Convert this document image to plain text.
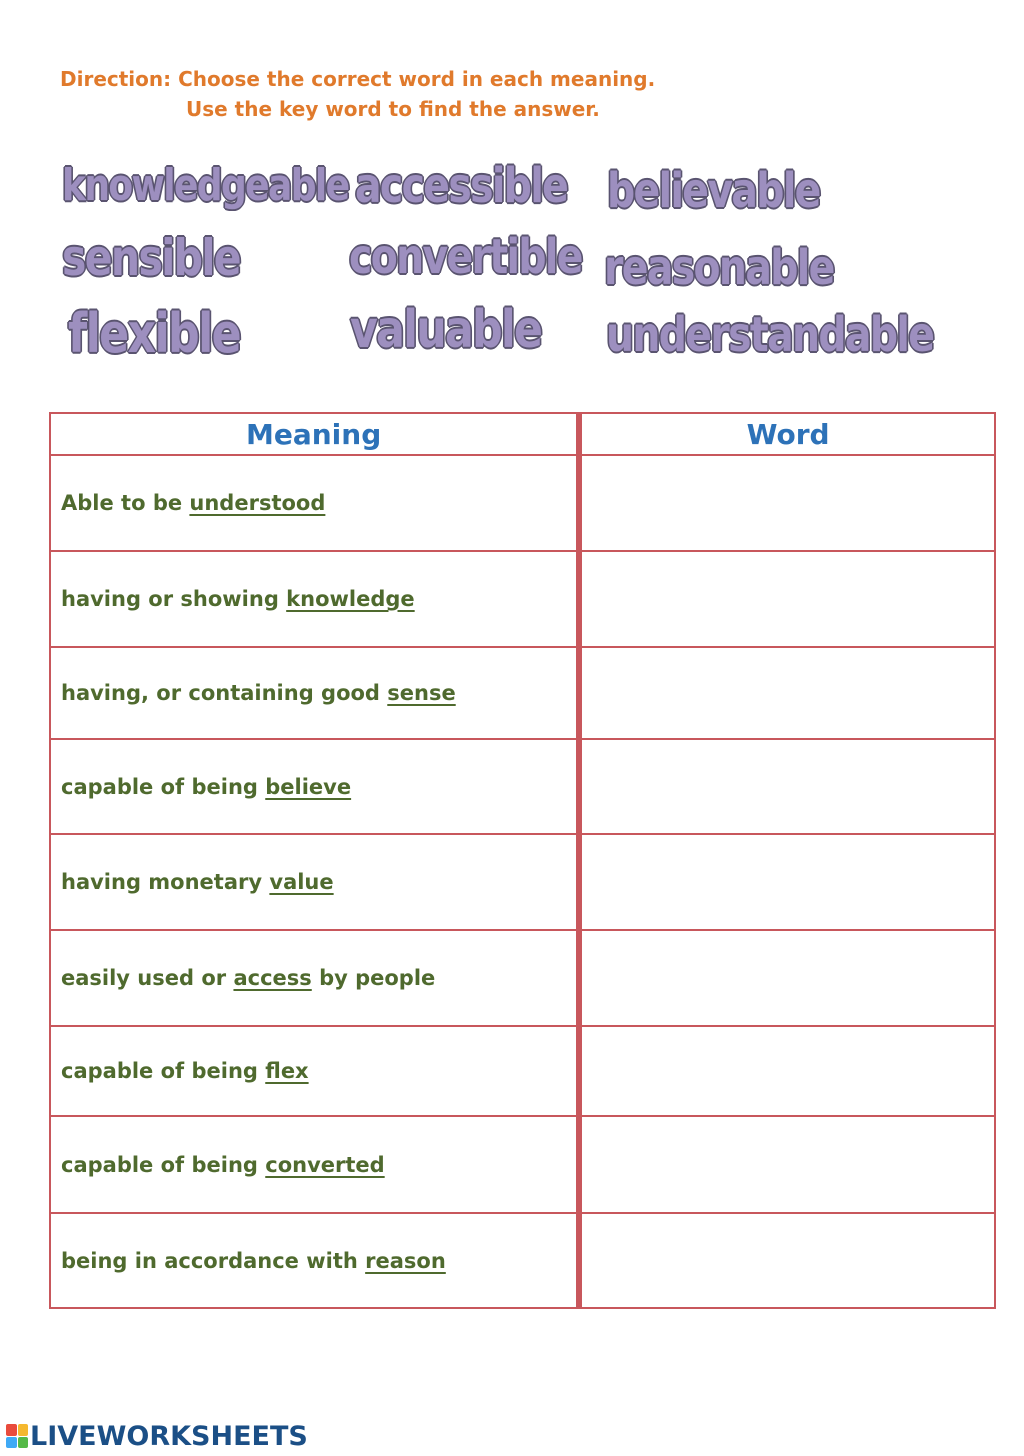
Direction: Choose the correct word in each meaning.
Use the key word to find the answer.
knowledgeable accessible believable
sensible convertible reasonable
flexible valuable understandable
Meaning	Word
Able to be understood	
having or showing knowledge	
having, or containing good sense	
capable of being believe	
having monetary value	
easily used or access by people	
capable of being flex	
capable of being converted	
being in accordance with reason	
LIVEWORKSHEETS
